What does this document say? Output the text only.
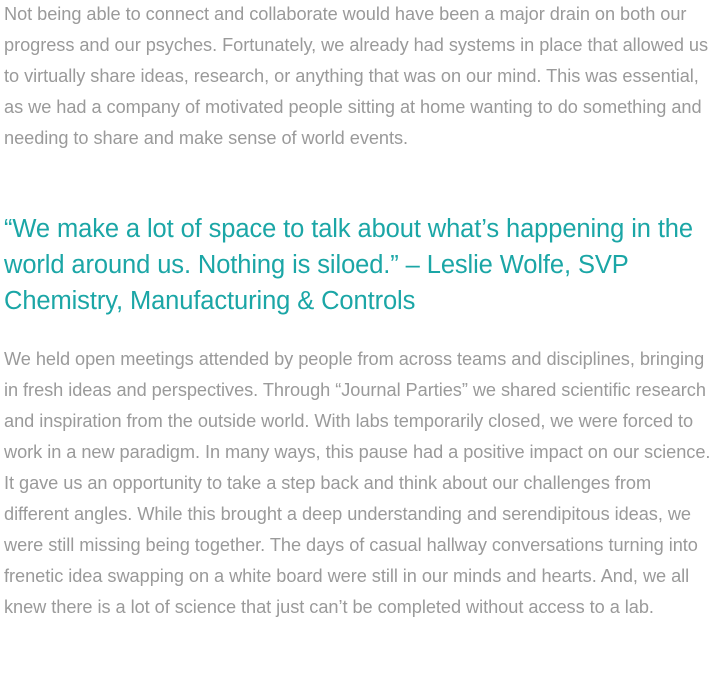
Not being able to connect and collaborate would have been a major drain on both our progress and our psyches. Fortunately, we already had systems in place that allowed us to virtually share ideas, research, or anything that was on our mind. This was essential, as we had a company of motivated people sitting at home wanting to do something and needing to share and make sense of world events.

“We make a lot of space to talk about what’s happening in the world around us. Nothing is siloed.” – Leslie Wolfe, SVP Chemistry, Manufacturing & Controls

We held open meetings attended by people from across teams and disciplines, bringing in fresh ideas and perspectives. Through “Journal Parties” we shared scientific research and inspiration from the outside world. With labs temporarily closed, we were forced to work in a new paradigm. In many ways, this pause had a positive impact on our science. It gave us an opportunity to take a step back and think about our challenges from different angles. While this brought a deep understanding and serendipitous ideas, we were still missing being together. The days of casual hallway conversations turning into frenetic idea swapping on a white board were still in our minds and hearts. And, we all knew there is a lot of science that just can’t be completed without access to a lab.
